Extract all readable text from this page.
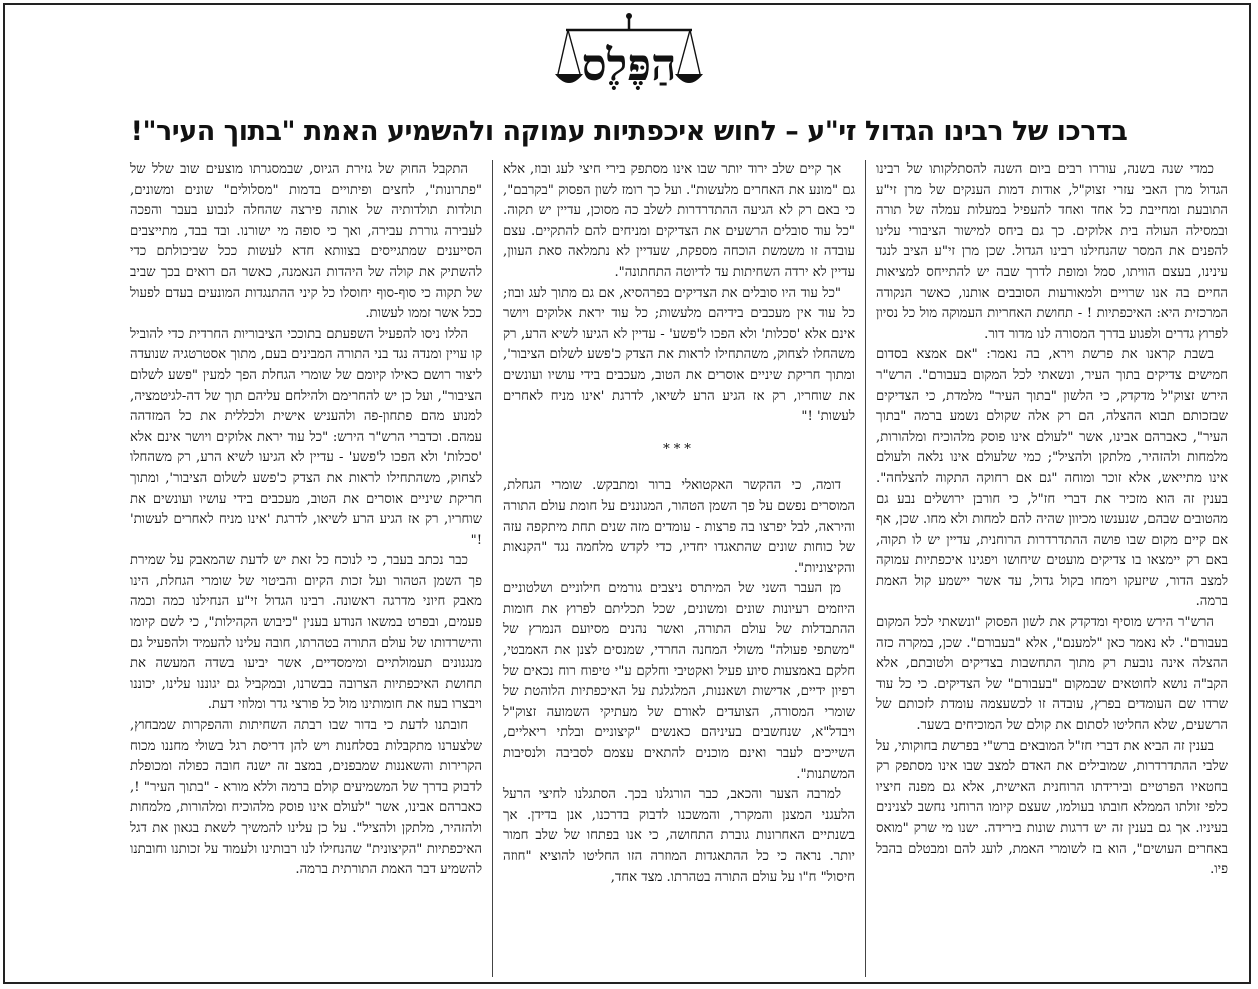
הַפֶּלֶס
בדרכו של רבינו הגדול זי"ע – לחוש איכפתיות עמוקה ולהשמיע האמת "בתוך העיר"!

כמדי שנה בשנה, עוררו רבים ביום השנה להסתלקותו של רבינו הגדול מרן האבי עזרי זצוק"ל, אודות דמות הענקים של מרן זי"ע התובעת ומחייבת כל אחד ואחד להעפיל במעלות עמלה של תורה ובמסילה העולה בית אלוקים. כך גם ביחס למישור הציבורי עלינו להפנים את המסר שהנחילנו רבינו הגדול. שכן מרן זי"ע הציב לנגד עינינו, בעצם הוויתו, סמל ומופת לדרך שבה יש להתייחס למציאות החיים בה אנו שרויים ולמאורעות הסובבים אותנו, כאשר הנקודה המרכזית היא: האיכפתיות ! - תחושת האחריות העמוקה מול כל נסיון לפרוץ גדרים ולפגוע בדרך המסורה לנו מדור דור.

בשבת קראנו את פרשת וירא, בה נאמר: "אם אמצא בסדום חמישים צדיקים בתוך העיר, ונשאתי לכל המקום בעבורם". הרש"ר הירש זצוק"ל מדקדק, כי הלשון "בתוך העיר" מלמדת, כי הצדיקים שבזכותם תבוא ההצלה, הם רק אלה שקולם נשמע ברמה "בתוך העיר", כאברהם אבינו, אשר "לעולם אינו פוסק מלהוכיח ומלהורות, מלמחות ולהזהיר, מלתקן ולהציל"; כמי שלעולם אינו נלאה ולעולם אינו מתייאש, אלא זוכר ומוחה "גם אם רחוקה התקוה להצלחה". בענין זה הוא מזכיר את דברי חז"ל, כי חורבן ירושלים נבע גם מהטובים שבהם, שנענשו מכיוון שהיה להם למחות ולא מחו. שכן, אף אם קיים מקום שבו פושה ההתדרדרות הרוחנית, עדיין יש לו תקוה, באם רק יימצאו בו צדיקים מועטים שיחושו ויפגינו איכפתיות עמוקה למצב הדור, שיזעקו וימחו בקול גדול, עד אשר יישמע קול האמת ברמה.

הרש"ר הירש מוסיף ומדקדק את לשון הפסוק "ונשאתי לכל המקום בעבורם". לא נאמר כאן "למענם", אלא "בעבורם". שכן, במקרה כזה ההצלה אינה נובעת רק מתוך התחשבות בצדיקים ולטובתם, אלא הקב"ה נושא לחוטאים שבמקום "בעבורם" של הצדיקים. כי כל עוד שרדו שם העומדים בפרץ, עובדה זו לכשעצמה עומדת לזכותם של הרשעים, שלא החליטו לסתום את קולם של המוכיחים בשער.

בענין זה הביא את דברי חז"ל המובאים ברש"י בפרשת בחוקותי, על שלבי ההתדרדרות, שמובילים את האדם למצב שבו אינו מסתפק רק בחטאיו הפרטיים ובירידתו הרוחנית האישית, אלא גם מפנה חיציו כלפי זולתו הממלא חובתו בעולמו, שעצם קיומו הרוחני נחשב לצנינים בעיניו. אך גם בענין זה יש דרגות שונות בירידה. ישנו מי שרק "מואס באחרים העושים", הוא בז לשומרי האמת, לועג להם ומבטלם בהבל פיו.

אך קיים שלב ירוד יותר שבו אינו מסתפק בירי חיצי לעג ובוז, אלא גם "מונע את האחרים מלעשות". ועל כך רומז לשון הפסוק "בקרבם", כי באם רק לא הגיעה ההתדרדרות לשלב כה מסוכן, עדיין יש תקוה. "כל עוד סובלים הרשעים את הצדיקים ומניחים להם להתקיים. עצם עובדה זו משמשת הוכחה מספקת, שעדיין לא נתמלאה סאת העוון, עדיין לא ירדה השחיתות עד לדיוטה התחתונה".

"כל עוד היו סובלים את הצדיקים בפרהסיא, אם גם מתוך לעג ובוז; כל עוד אין מעכבים בידיהם מלעשות; כל עוד יראת אלוקים ויושר אינם אלא 'סכלות' ולא הפכו ל'פשע' - עדיין לא הגיעו לשיא הרע, רק משהחלו לצחוק, משהתחילו לראות את הצדק כ'פשע לשלום הציבור', ומתוך חריקת שיניים אוסרים את הטוב, מעכבים בידי עושיו ועונשים את שוחריו, רק אז הגיע הרע לשיאו, לדרגת 'אינו מניח לאחרים לעשות' !"

***

דומה, כי ההקשר האקטואלי ברור ומתבקש. שומרי הגחלת, המוסרים נפשם על פך השמן הטהור, המגוננים על חומת עולם התורה והיראה, לבל יפרצו בה פרצות - עומדים מזה שנים תחת מיתקפה עזה של כוחות שונים שהתאגדו יחדיו, כדי לקדש מלחמה נגד "הקנאות והקיצוניות".

מן העבר השני של המיתרס ניצבים גורמים חילוניים ושלטוניים היוזמים רעיונות שונים ומשונים, שכל תכליתם לפרוץ את חומות ההתבדלות של עולם התורה, ואשר נהנים מסיועם הנמרץ של "משתפי פעולה" משולי המחנה החרדי, שמנסים לצנן את האמבטי, חלקם באמצעות סיוע פעיל ואקטיבי וחלקם ע"י טיפוח רוח נכאים של רפיון ידיים, אדישות ושאננות, המלגלגת על האיכפתיות הלוהטת של שומרי המסורה, הצועדים לאורם של מעתיקי השמועה זצוק"ל ויבדל"א, שנחשבים בעיניהם כאנשים "קיצוניים ובלתי ריאליים, השייכים לעבר ואינם מוכנים להתאים עצמם לסביבה ולנסיבות המשתנות".

למרבה הצער והכאב, כבר הורגלנו בכך. הסתגלנו לחיצי הרעל הלעגני המצנן והמקרר, והמשכנו לדבוק בדרכנו, אנן בדידן. אך בשנתיים האחרונות גוברת התחושה, כי אנו בפתחו של שלב חמור יותר. נראה כי כל ההתאגדות המוזרה הזו החליטו להוציא "חוזה חיסול" ח"ו על עולם התורה בטהרתו. מצד אחד,

התקבל החוק של גזירת הגיוס, שבמסגרתו מוצעים שוב שלל של "פתרונות", לחצים ופיתויים בדמות "מסלולים" שונים ומשונים, תולדות תולדותיה של אותה פירצה שהחלה לנבוע בעבר והפכה לעבירה גוררת עבירה, ואך כי סופה מי ישורנו. ובד בבד, מתייצבים הסייענים שמתגייסים בצוותא חדא לעשות ככל שביכולתם כדי להשתיק את קולה של היהדות הנאמנה, כאשר הם רואים בכך שביב של תקוה כי סוף-סוף יחוסלו כל קיני ההתנגדות המונעים בעדם לפעול ככל אשר זממו לעשות.

הללו ניסו להפעיל השפעתם בתוככי הציבוריות החרדית כדי להוביל קו עויין ומנדה נגד בני התורה המבינים בעם, מתוך אסטרטגיה שנועדה ליצור רושם כאילו קיומם של שומרי הגחלת הפך למעין "פשע לשלום הציבור", ועל כן יש להחרימם ולהילחם עליהם תוך של דה-לגיטמציה, למנוע מהם פתחון-פה ולהעניש אישית ולכללית את כל המזדהה עמהם. וכדברי הרש"ר הירש: "כל עוד יראת אלוקים ויושר אינם אלא 'סכלות' ולא הפכו ל'פשע' - עדיין לא הגיעו לשיא הרע, רק משהחלו לצחוק, משהתחילו לראות את הצדק כ'פשע לשלום הציבור', ומתוך חריקת שיניים אוסרים את הטוב, מעכבים בידי עושיו ועונשים את שוחריו, רק אז הגיע הרע לשיאו, לדרגת 'אינו מניח לאחרים לעשות' !"

כבר נכתב בעבר, כי לנוכח כל זאת יש לדעת שהמאבק על שמירת פך השמן הטהור ועל זכות הקיום והביטוי של שומרי הגחלת, הינו מאבק חיוני מדרגה ראשונה. רבינו הגדול זי"ע הנחילנו כמה וכמה פעמים, ובפרט במשאו הנודע בענין "כיבוש הקהילות", כי לשם קיומו והישרדותו של עולם התורה בטהרתו, חובה עלינו להעמיד ולהפעיל גם מנגנונים תעמולתיים ומימסדיים, אשר יביעו בשדה המעשה את תחושת האיכפתיות הצרובה בבשרנו, ובמקביל גם יגוננו עלינו, יכוננו ויבצרו בעוז את חומותינו מול כל פורצי גדר ומלוזי דעת.

חובתנו לדעת כי בדור שבו רבתה השחיתות וההפקרות שמבחוץ, שלצערנו מתקבלות בסלחנות ויש להן דריסת רגל בשולי מחננו מכוח הקרירות והשאננות שמבפנים, במצב זה ישנה חובה כפולה ומכופלת לדבוק בדרך של המשמיעים קולם ברמה וללא מורא - "בתוך העיר" !, כאברהם אבינו, אשר "לעולם אינו פוסק מלהוכיח ומלהורות, מלמחות ולהזהיר, מלתקן ולהציל". על כן עלינו להמשיך לשאת בגאון את דגל האיכפתיות "הקיצונית" שהנחילו לנו רבותינו ולעמוד על זכותנו וחובתנו להשמיע דבר האמת התורתית ברמה.
